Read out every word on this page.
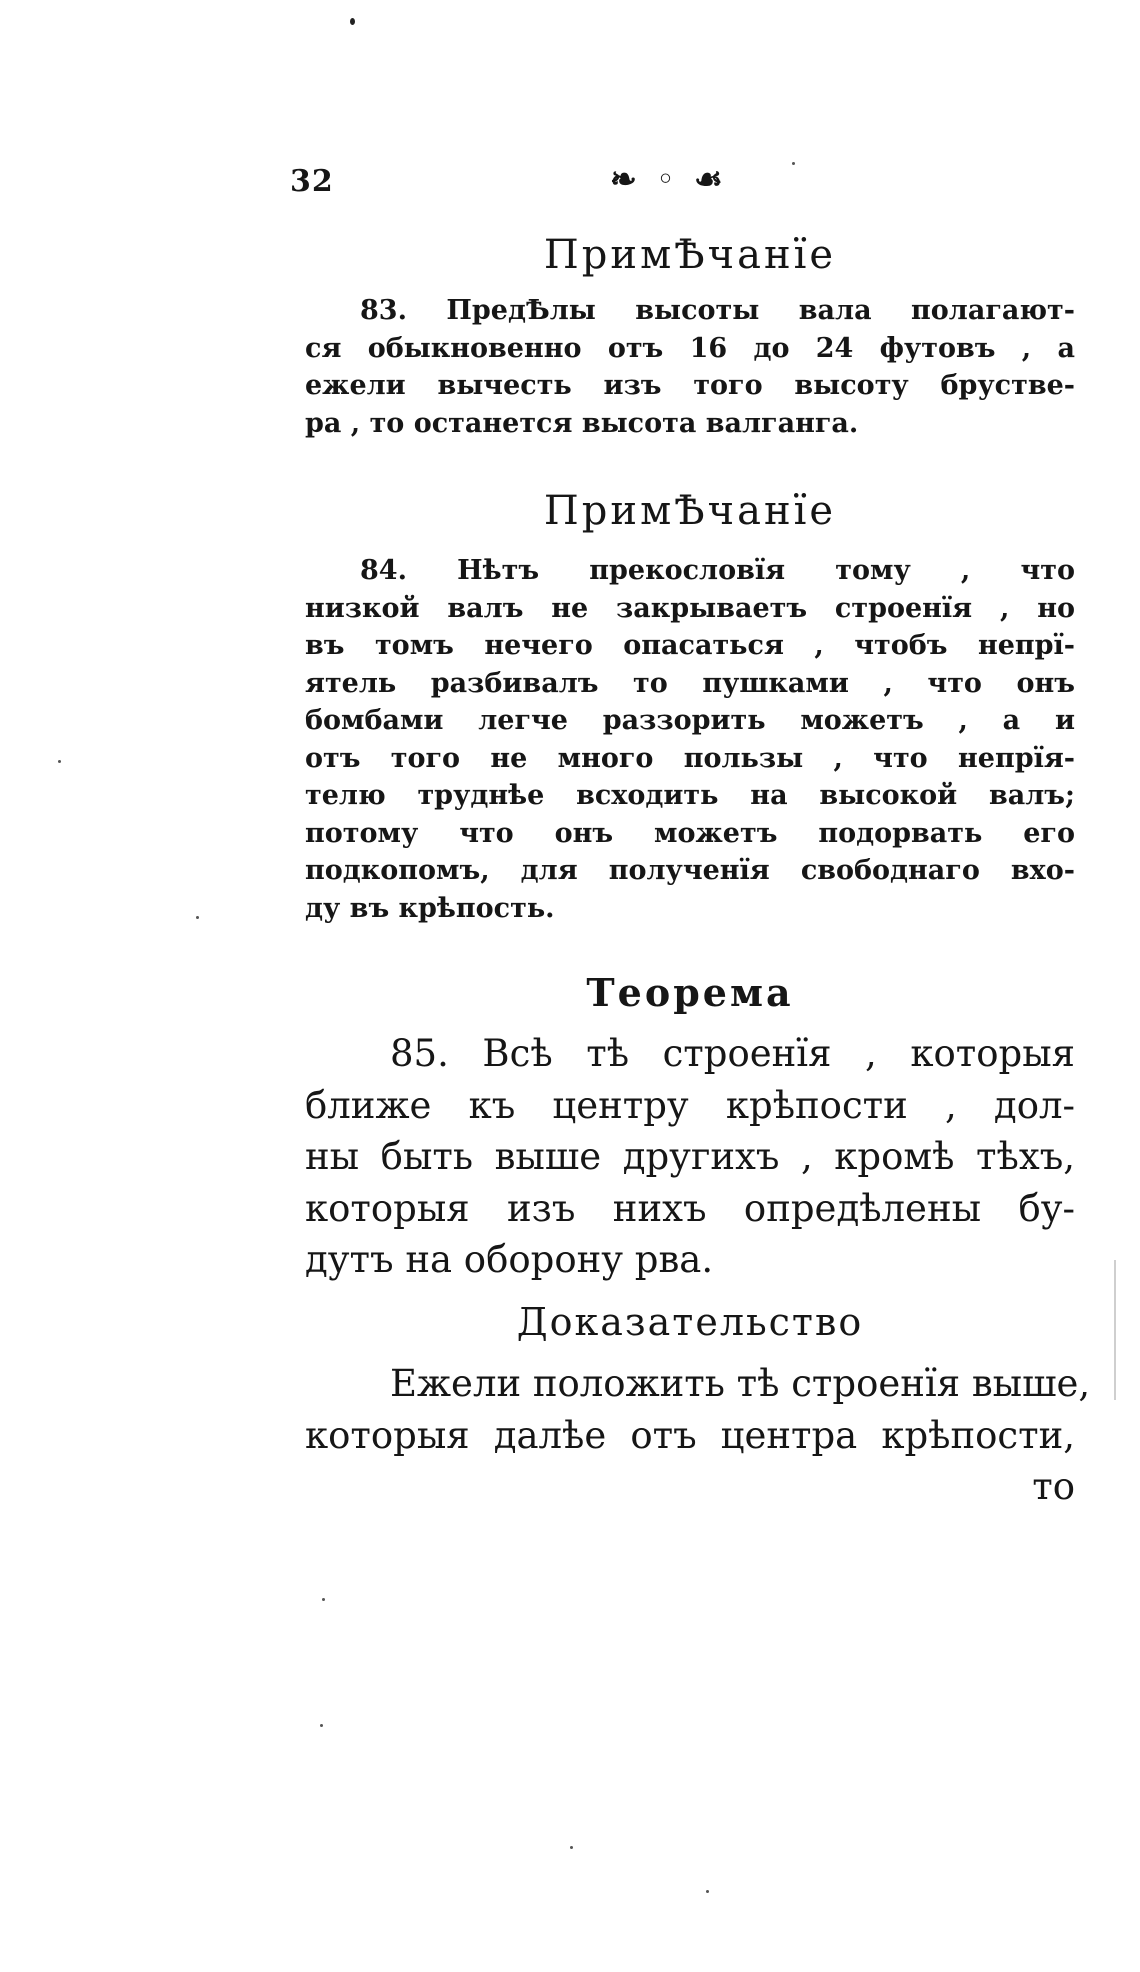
32	❧ ◦ ☙
ПримѢчанїе
83. ПредѢлы высоты вала полагают-
ся обыкновенно отъ 16 до 24 футовъ , а
ежели вычесть изъ того высоту брустве-
ра , то останется высота валганга.
ПримѢчанїе
84. Нѣтъ прекословїя тому , что
низкой валъ не закрываетъ строенїя , но
въ томъ нечего опасаться , чтобъ непрї-
ятель разбивалъ то пушками , что онъ
бомбами легче раззорить можетъ , а и
отъ того не много пользы , что непрїя-
телю труднѣе всходить на высокой валъ;
потому что онъ можетъ подорвать его
подкопомъ, для полученїя свободнаго вхо-
ду въ крѣпость.
Теорема
85. Всѣ тѣ строенїя , которыя
ближе къ центру крѣпости , дол-
ны быть выше другихъ , кромѣ тѣхъ,
которыя изъ нихъ опредѣлены бу-
дутъ на оборону рва.
Доказательство
Ежели положить тѣ строенїя выше,
которыя далѣе отъ центра крѣпости,
то
